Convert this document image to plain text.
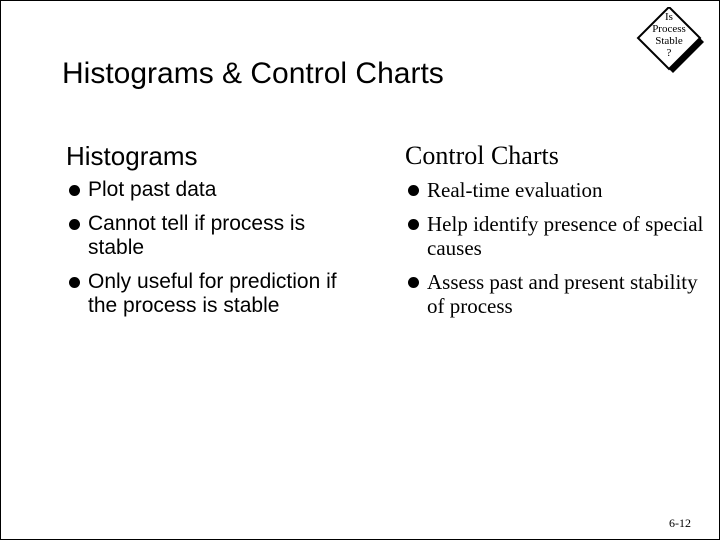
Histograms & Control Charts
Is
Process
Stable
?
Histograms
Plot past data
Cannot tell if process is stable
Only useful for prediction if the process is stable
Control Charts
Real-time evaluation
Help identify presence of special causes
Assess past and present stability of process
6-12
